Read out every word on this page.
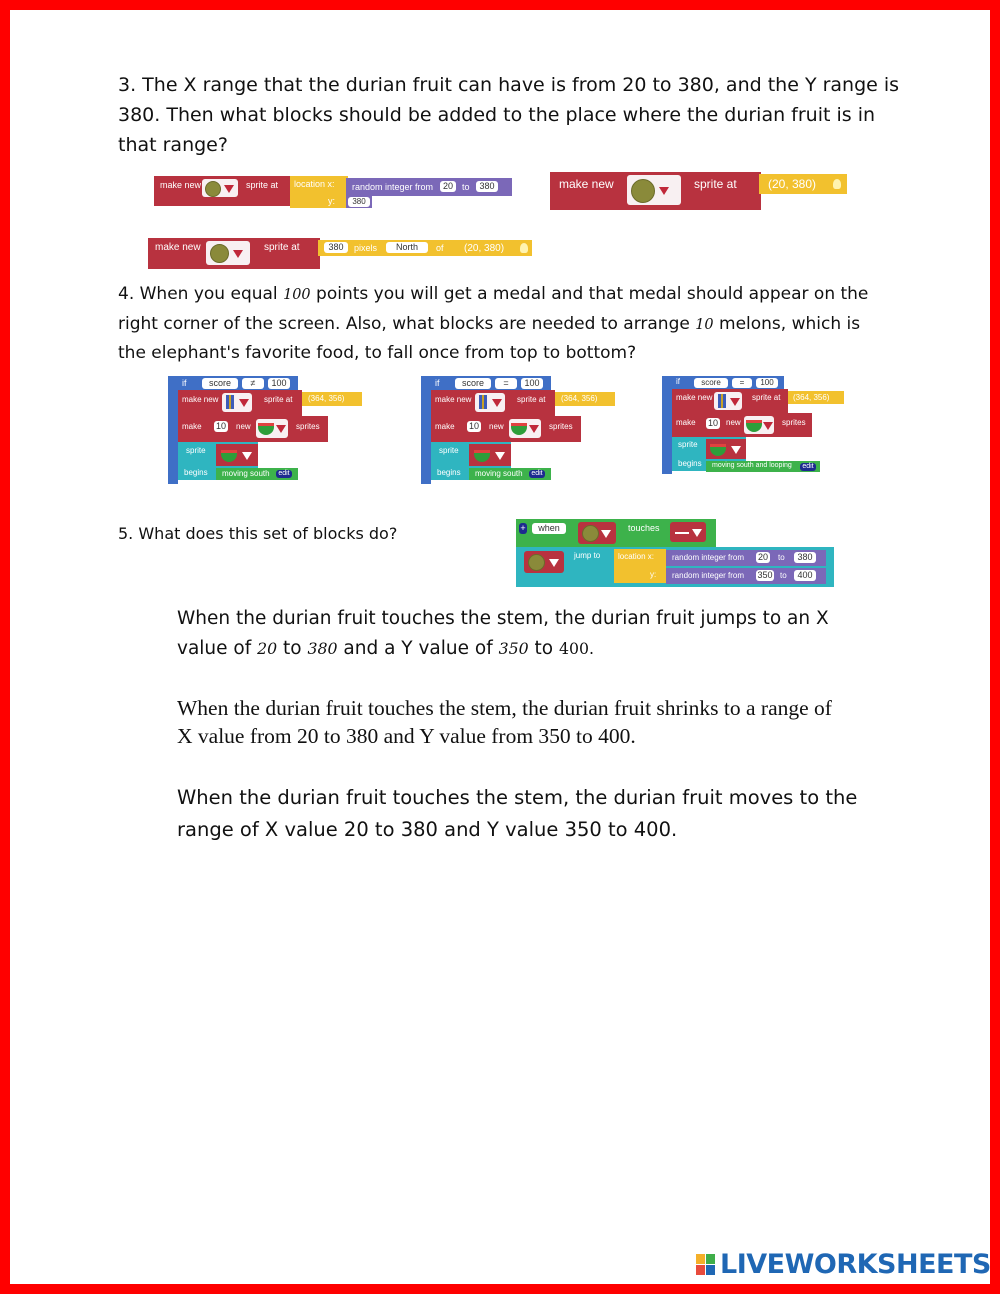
3. The X range that the durian fruit can have is from 20 to 380, and the Y range is
380. Then what blocks should be added to the place where the durian fruit is in
that range?
make new	sprite at location x:
y:
random integer from	20	to	380
380
make new	sprite at	(20, 380)
make new	sprite at	380	pixels	North	of (20, 380)
4. When you equal 100 points you will get a medal and that medal should appear on the
right corner of the screen. Also, what blocks are needed to arrange 10 melons, which is
the elephant's favorite food, to fall once from top to bottom?
if	score	≠	100
make new	sprite at (364, 356)
make 10 new	sprites
sprite
begins moving south	edit
if	score	=	100
make new	sprite at (364, 356)
make 10 new	sprites
sprite
begins moving south	edit
if	score	=	100
make new	sprite at (364, 356)
make 10 new	sprites
sprite
begins moving south and looping	edit
5. What does this set of blocks do?	+	when	touches
jump to location x:
y:
random integer from 20 to	380
random integer from 350 to	400
When the durian fruit touches the stem, the durian fruit jumps to an X
value of 20 to 380 and a Y value of 350 to 400.
When the durian fruit touches the stem, the durian fruit shrinks to a range of
X value from 20 to 380 and Y value from 350 to 400.
When the durian fruit touches the stem, the durian fruit moves to the
range of X value 20 to 380 and Y value 350 to 400.
LIVEWORKSHEETS
